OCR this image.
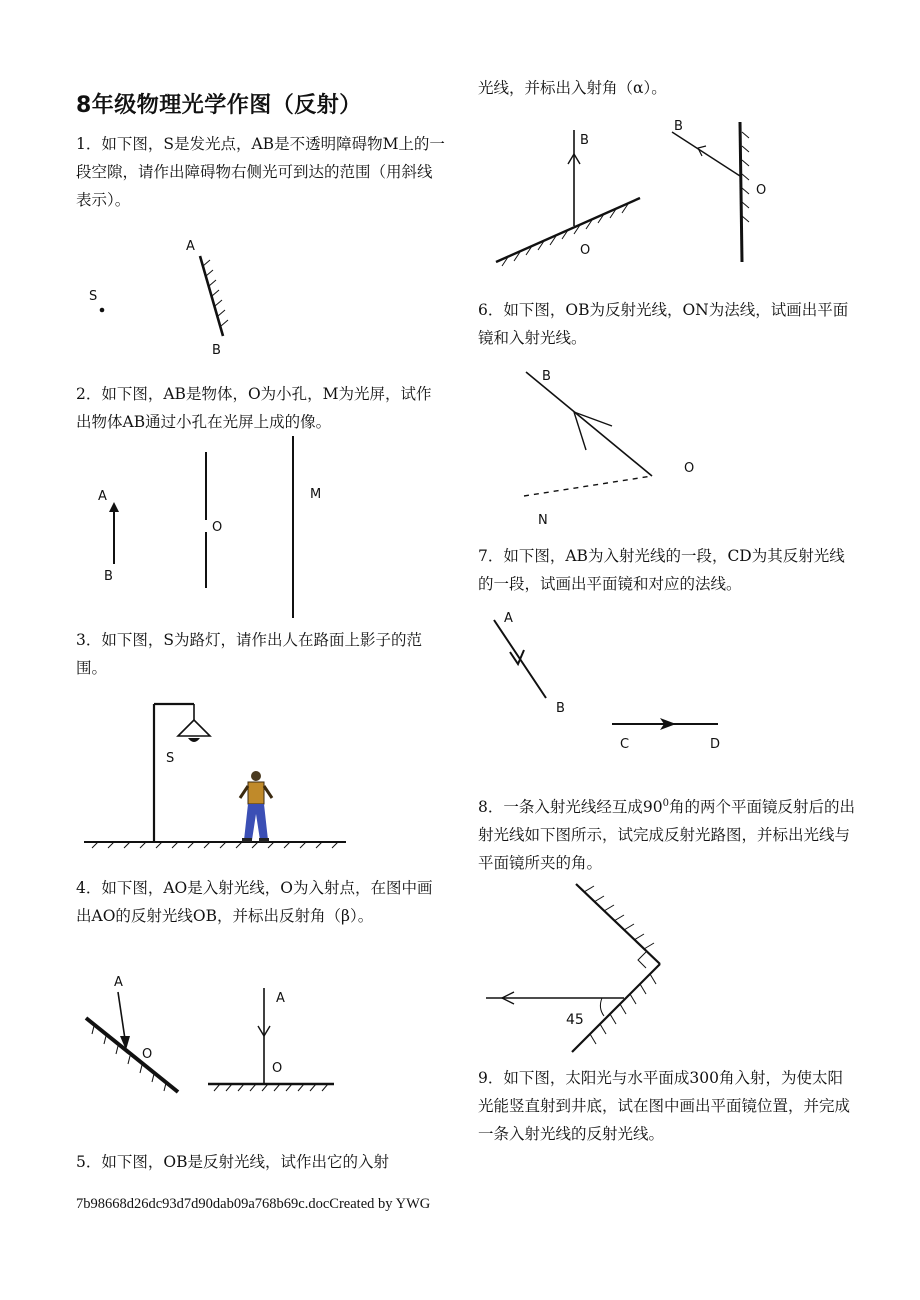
8年级物理光学作图（反射）
1．如下图，S是发光点，AB是不透明障碍物M上的一段空隙，请作出障碍物右侧光可到达的范围（用斜线表示）。
S
A
B
2．如下图，AB是物体，O为小孔，M为光屏，试作出物体AB通过小孔在光屏上成的像。
A
B
O
M
3．如下图，S为路灯，请作出人在路面上影子的范围。
S
4．如下图，AO是入射光线，O为入射点，在图中画出AO的反射光线OB，并标出反射角（β）。
A
O
A
O
5．如下图，OB是反射光线，试作出它的入射
光线，并标出入射角（α）。
B
O
B
O
6．如下图，OB为反射光线，ON为法线，试画出平面镜和入射光线。
B
O
N
7．如下图，AB为入射光线的一段，CD为其反射光线的一段，试画出平面镜和对应的法线。
A
B
C	D
8．一条入射光线经互成$90^0$角的两个平面镜反射后的出射光线如下图所示，试完成反射光路图，并标出光线与平面镜所夹的角。
45
9．如下图，太阳光与水平面成300角入射，为使太阳光能竖直射到井底，试在图中画出平面镜位置，并完成一条入射光线的反射光线。
7b98668d26dc93d7d90dab09a768b69c.docCreated by YWG
